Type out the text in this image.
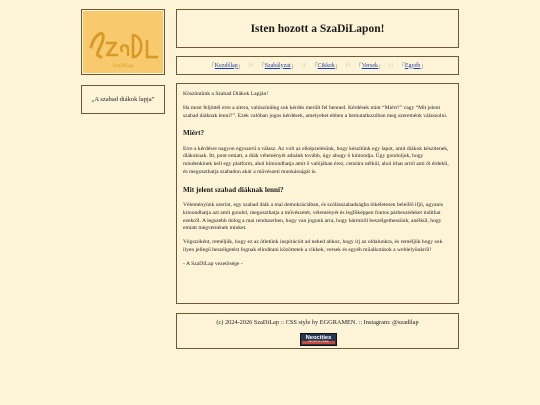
SzaDiLap
Isten hozott a SzaDiLapon!
「 Kezdőlap 」 ∷ 「 Szabályzat 」 ∷ 「 Cikkek 」 ∷ 「 Versek 」 ∷ 「 Egyéb 」
„A szabad diákok lapja”

Köszöntünk a Szabad Diákok Lapján!

Ha most feljöttél erre a sitera, valószínűleg sok kérdés merült fel benned. Kérdések mint “Miért?” vagy “Mit jelent szabad diáknak lenni?”. Ezek valóban jogos kérdések, amelyeket ebben a bemutatkozóban meg szeretnénk válaszolni.

Miért?

Erre a kérdésre nagyon egyszerű a válasz. Az volt az elképzelésünk, hogy készítünk egy lapot, amit diákok készítenek, diákoknak. Itt, pont emiatt, a diák véleményét adnánk tovább, úgy ahogy ő kimondja. Úgy gondoljuk, hogy mindenkinek kell egy platform, ahol kimondhatja amit ő valójában érez, cenzúra nélkül, ahol írhat arról ami őt érdekli, és megoszthatja szabadon akár a művészeti munkásságát is.

Mit jelent szabad diáknak lenni?

Véleményünk szerint, egy szabad diák a mai demokráciában, és szólásszabadságba tökéletesen beleillő ifjú, ugyanis kimondhatja azt amit gondol, megoszthatja a művészetét, véleményét és legfőképpen fontos párbeszédeket indíthat ezekről. A legszebb dolog a mai rendszerben, hogy van jogunk arra, hogy bármiről beszélgethessünk, anélkül, hogy emiatt megvetnének minket.

Végszóként, reméljük, hogy ez az ötletünk inspirációt ad neked ahhoz, hogy írj az oldalunkra, és reméljük hogy sok ilyen jellegű beszélgetést fognak elindítani közöttetek a cikkek, versek és egyéb műalkotások a weblelyünkről!

- A SzaDiLap vezetősége -

(c) 2024-2026 SzaDiLap :: CSS style by EGGRAMEN. :: Instagram: @szadilap
Neocities
THIS SITE IS CURSED
